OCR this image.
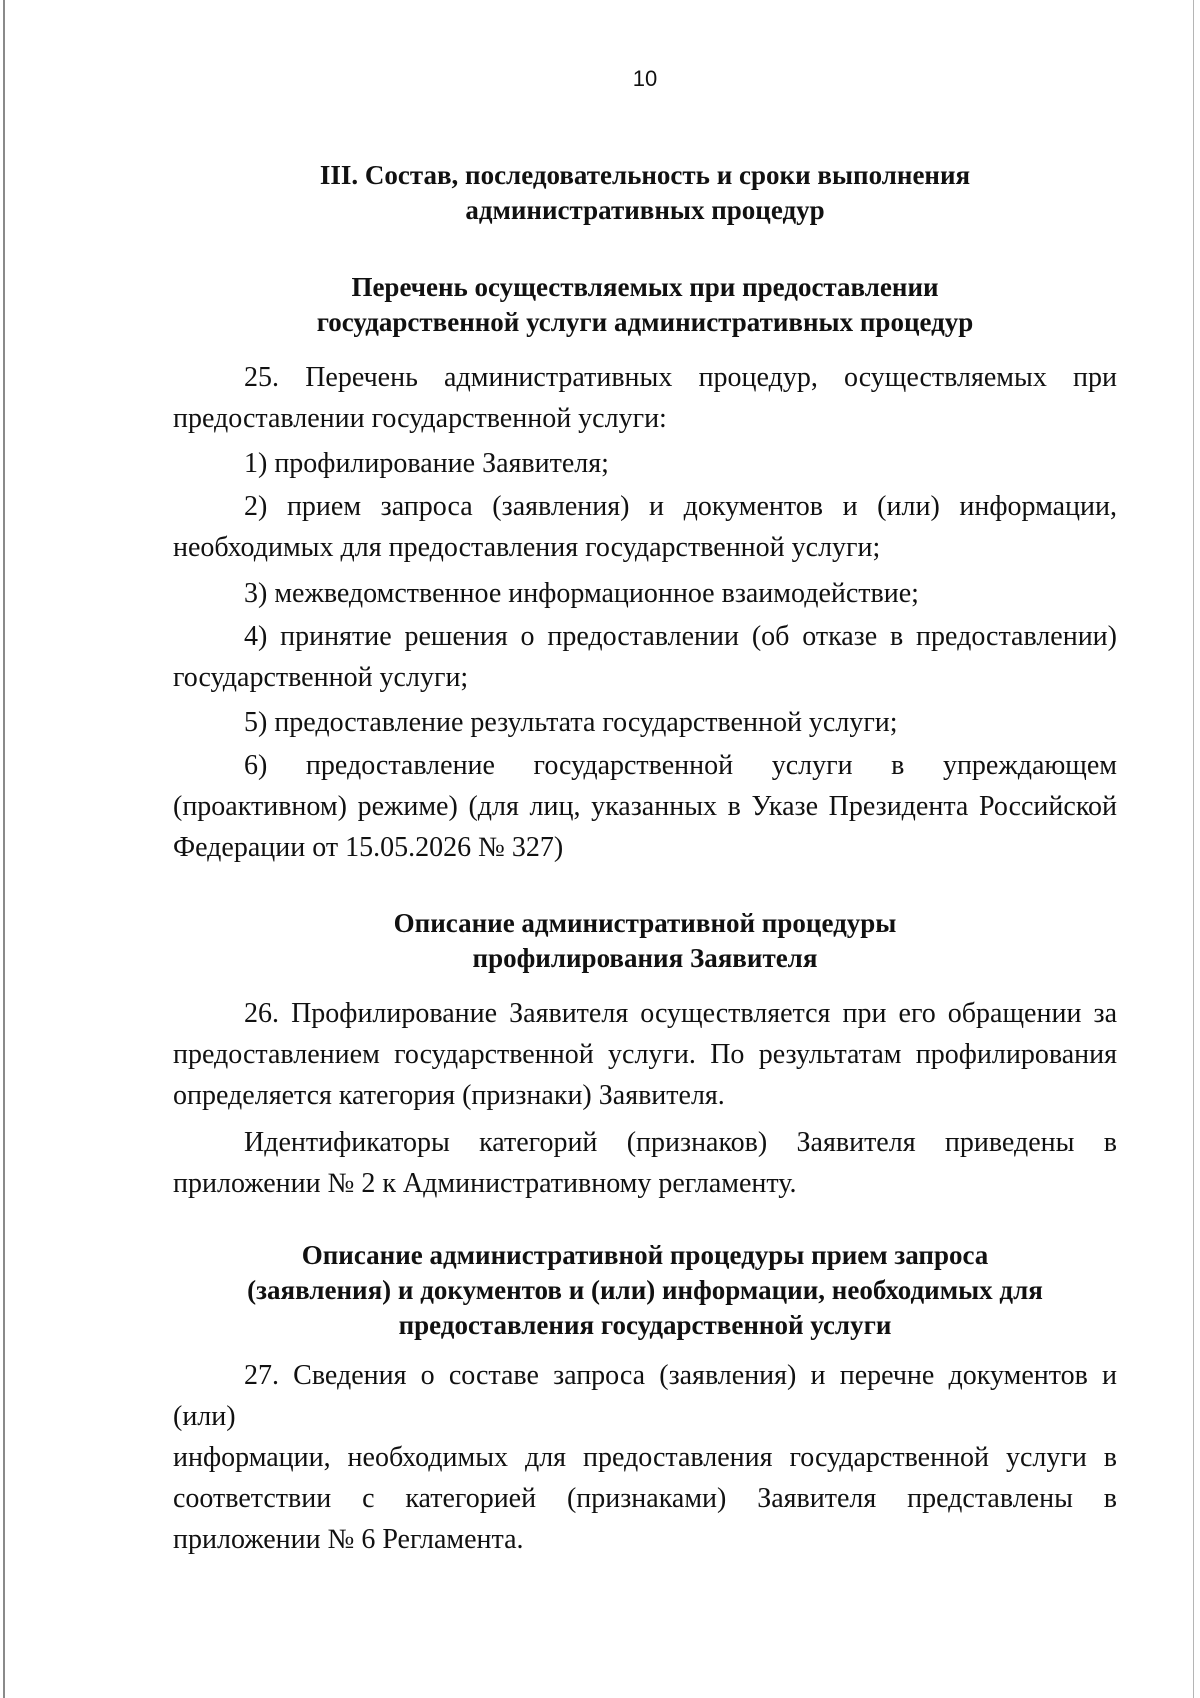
10
III. Состав, последовательность и сроки выполнения
административных процедур
Перечень осуществляемых при предоставлении
государственной услуги административных процедур
25. Перечень административных процедур, осуществляемых при
предоставлении государственной услуги:
1) профилирование Заявителя;
2) прием запроса (заявления) и документов и (или) информации,
необходимых для предоставления государственной услуги;
3) межведомственное информационное взаимодействие;
4) принятие решения о предоставлении (об отказе в предоставлении)
государственной услуги;
5) предоставление результата государственной услуги;
6) предоставление государственной услуги в упреждающем
(проактивном) режиме) (для лиц, указанных в Указе Президента Российской
Федерации от 15.05.2026 № 327)
Описание административной процедуры
профилирования Заявителя
26. Профилирование Заявителя осуществляется при его обращении за
предоставлением государственной услуги. По результатам профилирования
определяется категория (признаки) Заявителя.
Идентификаторы категорий (признаков) Заявителя приведены в
приложении № 2 к Административному регламенту.
Описание административной процедуры прием запроса
(заявления) и документов и (или) информации, необходимых для
предоставления государственной услуги
27. Сведения о составе запроса (заявления) и перечне документов и (или)
информации, необходимых для предоставления государственной услуги в
соответствии с категорией (признаками) Заявителя представлены в
приложении № 6 Регламента.
